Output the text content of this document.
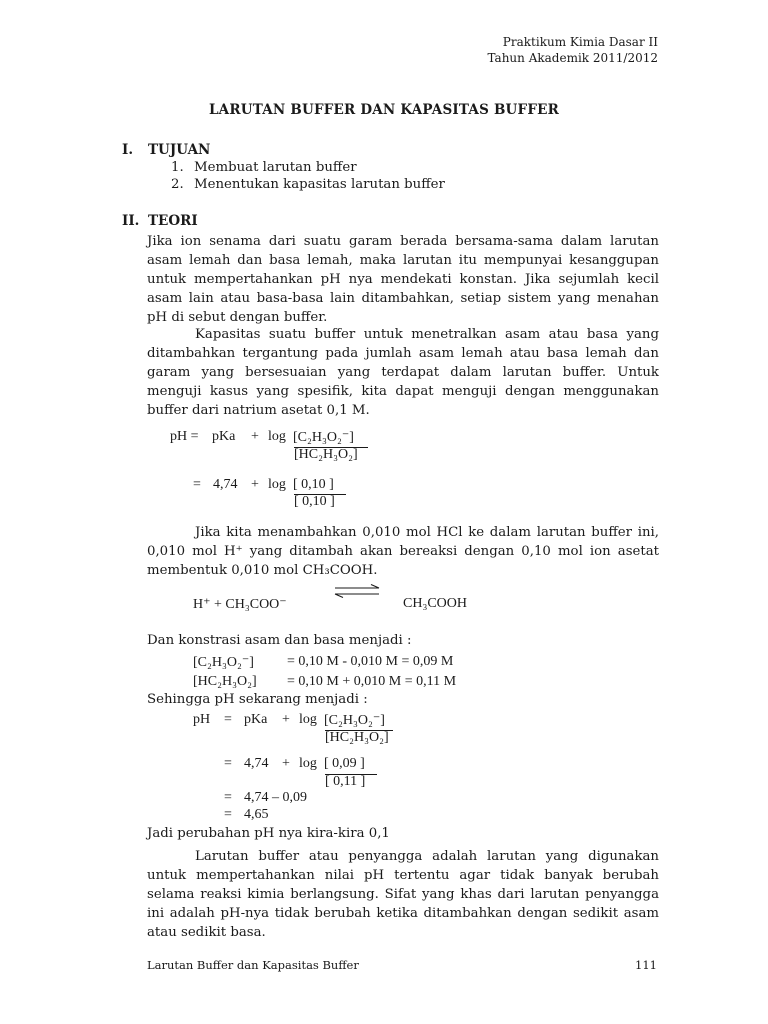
Praktikum Kimia Dasar II
Tahun Akademik 2011/2012
LARUTAN BUFFER DAN KAPASITAS BUFFER
I. TUJUAN
1. Membuat larutan buffer
2. Menentukan kapasitas larutan buffer
II. TEORI
Jika ion senama dari suatu garam berada bersama-sama dalam larutan asam lemah dan basa lemah, maka larutan itu mempunyai kesanggupan untuk mempertahankan pH nya mendekati konstan. Jika sejumlah kecil asam lain atau basa-basa lain ditambahkan, setiap sistem yang menahan pH di sebut dengan buffer.
Kapasitas suatu buffer untuk menetralkan asam atau basa yang ditambahkan tergantung pada jumlah asam lemah atau basa lemah dan garam yang bersesuaian yang terdapat dalam larutan buffer. Untuk menguji kasus yang spesifik, kita dapat menguji dengan menggunakan buffer dari natrium asetat 0,1 M.
pH = pKa + log [C₂H₃O₂⁻]
[HC₂H₃O₂]
= 4,74 + log [ 0,10 ]
[ 0,10 ]
Jika kita menambahkan 0,010 mol HCl ke dalam larutan buffer ini, 0,010 mol H⁺ yang ditambah akan bereaksi dengan 0,10 mol ion asetat membentuk 0,010 mol CH₃COOH.
H⁺ + CH₃COO⁻	CH₃COOH
Dan konstrasi asam dan basa menjadi :
[C₂H₃O₂⁻] = 0,10 M - 0,010 M = 0,09 M
[HC₂H₃O₂] = 0,10 M + 0,010 M = 0,11 M
Sehingga pH sekarang menjadi :
pH = pKa + log [C₂H₃O₂⁻]
[HC₂H₃O₂]
= 4,74 + log [ 0,09 ]
[ 0,11 ]
= 4,74 – 0,09
= 4,65
Jadi perubahan pH nya kira-kira 0,1
Larutan buffer atau penyangga adalah larutan yang digunakan untuk mempertahankan nilai pH tertentu agar tidak banyak berubah selama reaksi kimia berlangsung. Sifat yang khas dari larutan penyangga ini adalah pH-nya tidak berubah ketika ditambahkan dengan sedikit asam atau sedikit basa.
Larutan Buffer dan Kapasitas Buffer	111
